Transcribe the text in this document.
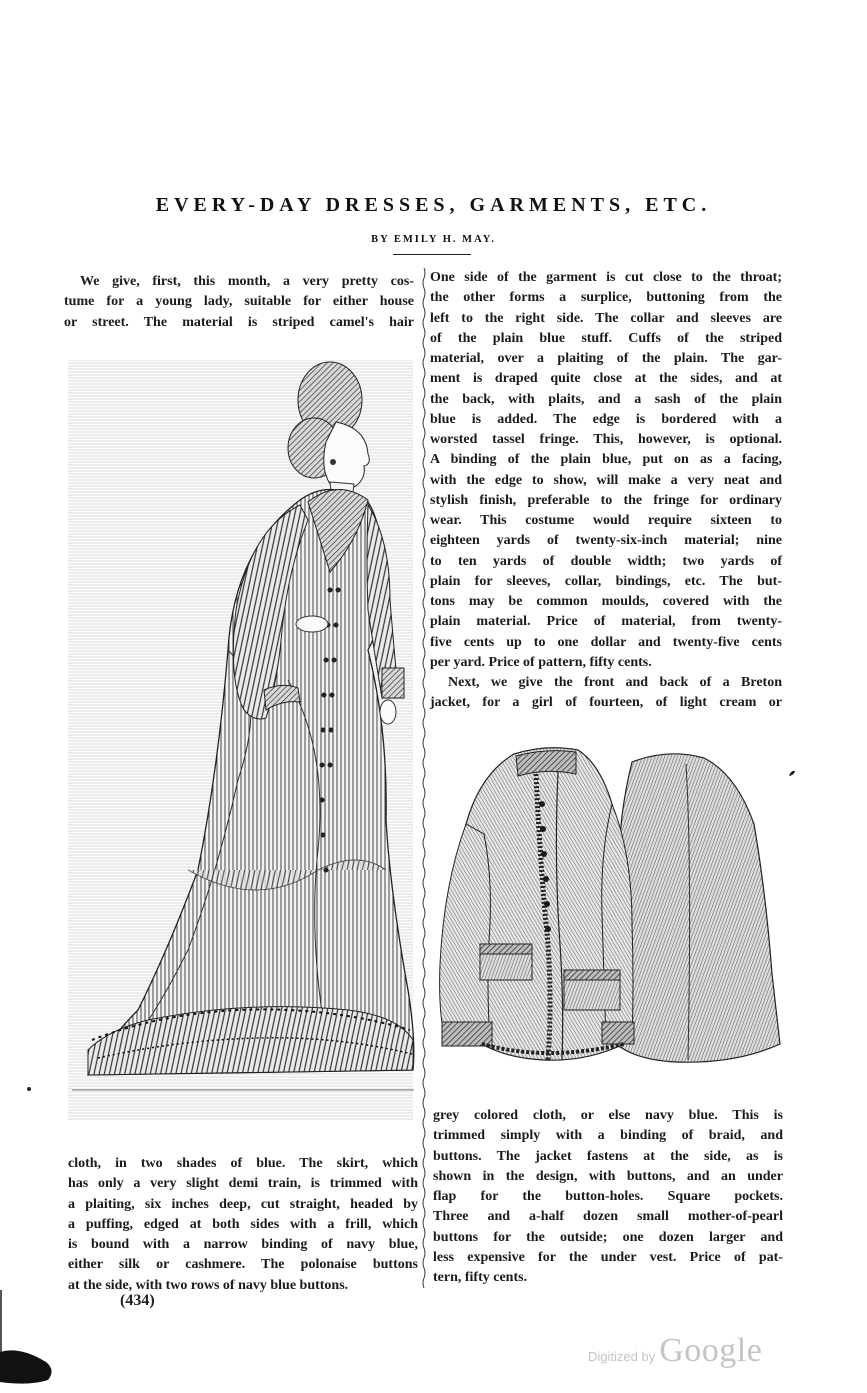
EVERY-DAY DRESSES, GARMENTS, ETC.
BY EMILY H. MAY.
We give, first, this month, a very pretty cos-
tume for a young lady, suitable for either house
or street. The material is striped camel's hair
cloth, in two shades of blue. The skirt, which
has only a very slight demi train, is trimmed with
a plaiting, six inches deep, cut straight, headed by
a puffing, edged at both sides with a frill, which
is bound with a narrow binding of navy blue,
either silk or cashmere. The polonaise buttons
at the side, with two rows of navy blue buttons.
(434)
One side of the garment is cut close to the throat;
the other forms a surplice, buttoning from the
left to the right side. The collar and sleeves are
of the plain blue stuff. Cuffs of the striped
material, over a plaiting of the plain. The gar-
ment is draped quite close at the sides, and at
the back, with plaits, and a sash of the plain
blue is added. The edge is bordered with a
worsted tassel fringe. This, however, is optional.
A binding of the plain blue, put on as a facing,
with the edge to show, will make a very neat and
stylish finish, preferable to the fringe for ordinary
wear. This costume would require sixteen to
eighteen yards of twenty-six-inch material; nine
to ten yards of double width; two yards of
plain for sleeves, collar, bindings, etc. The but-
tons may be common moulds, covered with the
plain material. Price of material, from twenty-
five cents up to one dollar and twenty-five cents
per yard. Price of pattern, fifty cents.
Next, we give the front and back of a Breton
jacket, for a girl of fourteen, of light cream or
grey colored cloth, or else navy blue. This is
trimmed simply with a binding of braid, and
buttons. The jacket fastens at the side, as is
shown in the design, with buttons, and an under
flap for the button-holes. Square pockets.
Three and a-half dozen small mother-of-pearl
buttons for the outside; one dozen larger and
less expensive for the under vest. Price of pat-
tern, fifty cents.
Digitized by Google
